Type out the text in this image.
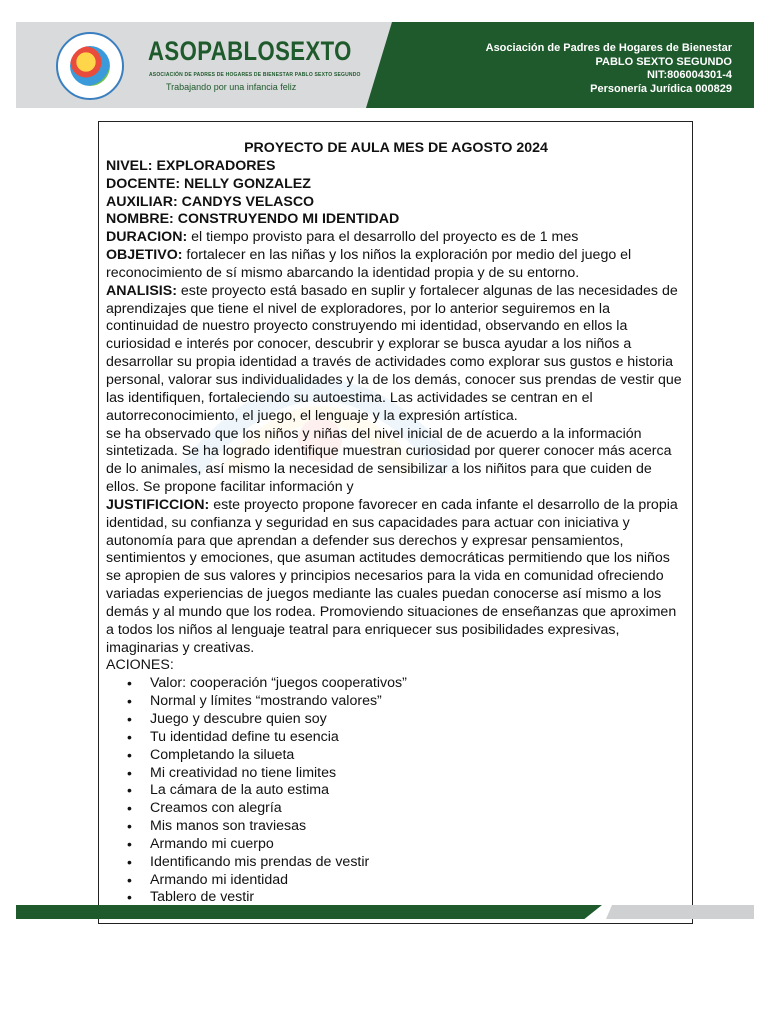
ASOPABLOSEXTO
ASOCIACIÓN DE PADRES DE HOGARES DE BIENESTAR PABLO SEXTO SEGUNDO
Trabajando por una infancia feliz
Asociación de Padres de Hogares de Bienestar
PABLO SEXTO SEGUNDO
NIT:806004301-4
Personería Jurídica 000829

PROYECTO DE AULA MES DE AGOSTO 2024

NIVEL: EXPLORADORES

DOCENTE: NELLY GONZALEZ

AUXILIAR: CANDYS VELASCO

NOMBRE: CONSTRUYENDO MI IDENTIDAD

DURACION: el tiempo provisto para el desarrollo del proyecto es de 1 mes

OBJETIVO: fortalecer en las niñas y los niños la exploración por medio del juego el reconocimiento de sí mismo abarcando la identidad propia y de su entorno.

ANALISIS: este proyecto está basado en suplir y fortalecer algunas de las necesidades de aprendizajes que tiene el nivel de exploradores, por lo anterior seguiremos en la continuidad de nuestro proyecto construyendo mi identidad, observando en ellos la curiosidad e interés por conocer, descubrir y explorar se busca ayudar a los niños a desarrollar su propia identidad a través de actividades como explorar sus gustos e historia personal, valorar sus individualidades y la de los demás, conocer sus prendas de vestir que las identifiquen, fortaleciendo su autoestima. Las actividades se centran en el autorreconocimiento, el juego, el lenguaje y la expresión artística.

se ha observado que los niños y niñas del nivel inicial de de acuerdo a la información sintetizada. Se ha logrado identifique muestran curiosidad por querer conocer más acerca de lo animales, así mismo la necesidad de sensibilizar a los niñitos para que cuiden de ellos. Se propone facilitar información y

JUSTIFICCION: este proyecto propone favorecer en cada infante el desarrollo de la propia identidad, su confianza y seguridad en sus capacidades para actuar con iniciativa y autonomía para que aprendan a defender sus derechos y expresar pensamientos, sentimientos y emociones, que asuman actitudes democráticas permitiendo que los niños se apropien de sus valores y principios necesarios para la vida en comunidad ofreciendo variadas experiencias de juegos mediante las cuales puedan conocerse así mismo a los demás y al mundo que los rodea. Promoviendo situaciones de enseñanzas que aproximen a todos los niños al lenguaje teatral para enriquecer sus posibilidades expresivas, imaginarias y creativas.

ACIONES:

• Valor: cooperación “juegos cooperativos”
• Normal y límites “mostrando valores”
• Juego y descubre quien soy
• Tu identidad define tu esencia
• Completando la silueta
• Mi creatividad no tiene limites
• La cámara de la auto estima
• Creamos con alegría
• Mis manos son traviesas
• Armando mi cuerpo
• Identificando mis prendas de vestir
• Armando mi identidad
• Tablero de vestir
